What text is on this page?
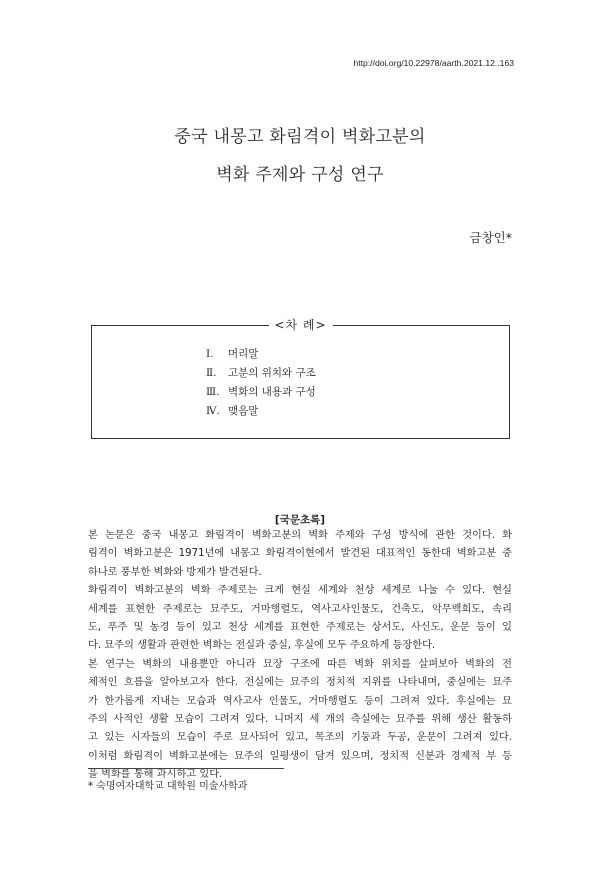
http://doi.org/10.22978/aarth.2021.12..163
중국 내몽고 화림격이 벽화고분의
벽화 주제와 구성 연구
금창인*
<차 례>
Ⅰ.	머리말
Ⅱ.	고분의 위치와 구조
Ⅲ. 벽화의 내용과 구성
Ⅳ. 맺음말
[국문초록]
본 논문은 중국 내몽고 화림격이 벽화고분의 벽화 주제와 구성 방식에 관한 것이다. 화
림격이 벽화고분은 1971년에 내몽고 화림격이현에서 발견된 대표적인 동한대 벽화고분 중
하나로 풍부한 벽화와 방제가 발견된다.
화림격이 벽화고분의 벽화 주제로는 크게 현실 세계와 천상 세계로 나눌 수 있다. 현실
세계를 표현한 주제로는 묘주도, 거마행렬도, 역사고사인물도, 건축도, 악무백희도, 속리
도, 푸주 및 농경 등이 있고 천상 세계를 표현한 주제로는 상서도, 사신도, 운문 등이 있
다. 묘주의 생활과 관련한 벽화는 전실과 중실, 후실에 모두 주요하게 등장한다.
본 연구는 벽화의 내용뿐만 아니라 묘장 구조에 따른 벽화 위치를 살펴보아 벽화의 전
체적인 흐름을 알아보고자 한다. 전실에는 묘주의 정치적 지위를 나타내며, 중실에는 묘주
가 한가롭게 지내는 모습과 역사고사 인물도, 거마행렬도 등이 그려져 있다. 후실에는 묘
주의 사적인 생활 모습이 그려져 있다. 니머지 세 개의 측실에는 묘주를 위해 생산 활동하
고 있는 시자들의 모습이 주로 묘사되어 있고, 목조의 기둥과 두공, 운문이 그려져 있다.
이처럼 화림격이 벽화고분에는 묘주의 일평생이 담겨 있으며, 정치적 신분과 경제적 부 등
을 벽화를 통해 과시하고 있다.
* 숙명여자대학교 대학원 미술사학과
